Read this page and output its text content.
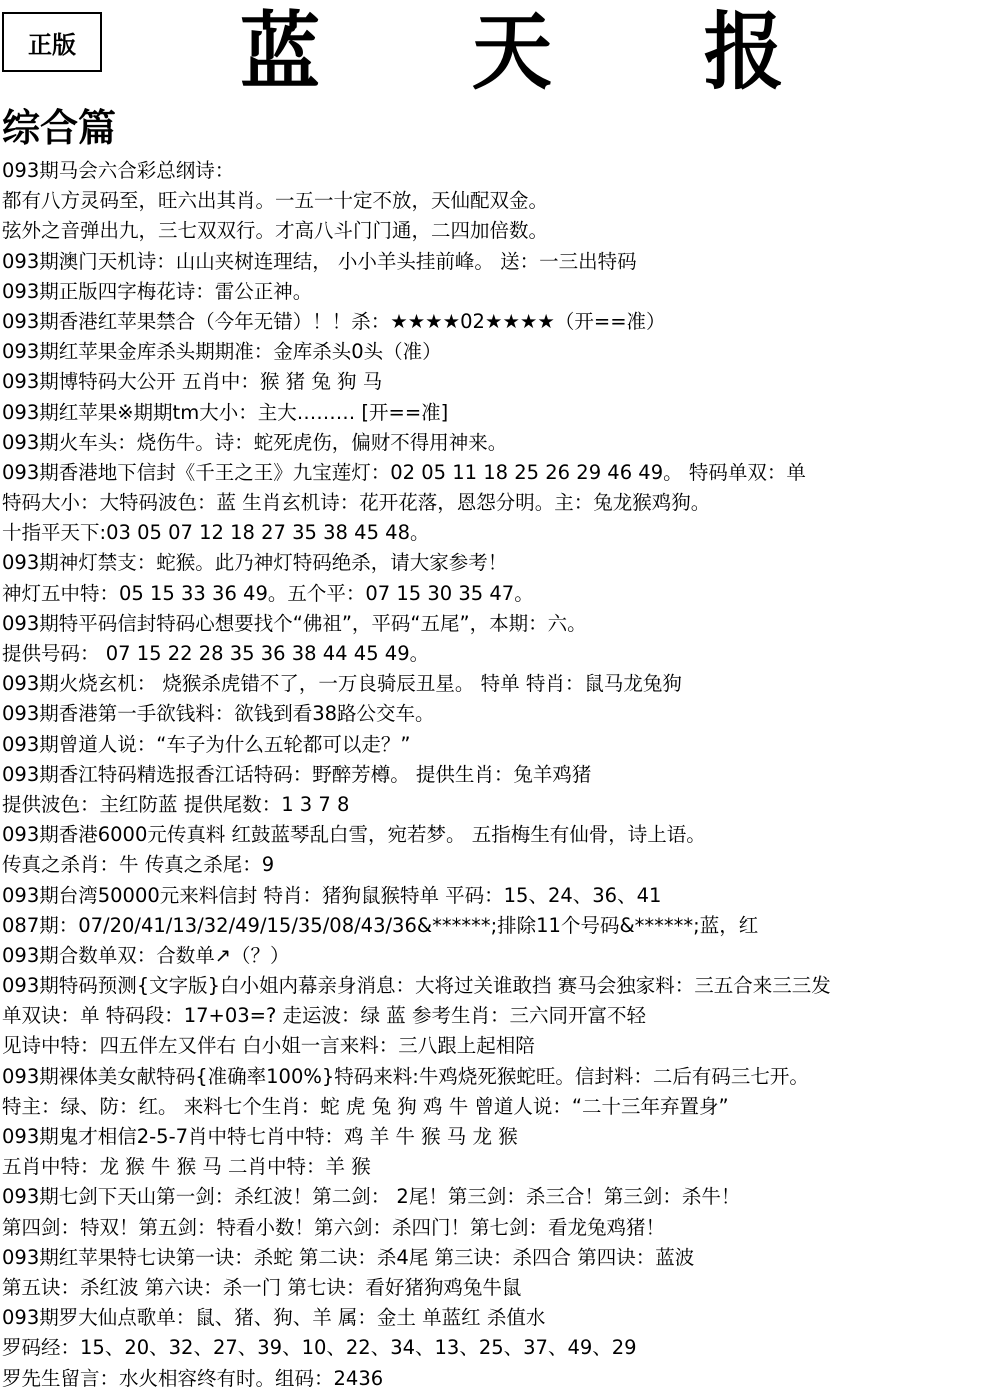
正版	蓝 天 报
综合篇
093期马会六合彩总纲诗：
都有八方灵码至，旺六出其肖。一五一十定不放，天仙配双金。
弦外之音弹出九，三七双双行。才高八斗门门通，二四加倍数。
093期澳门天机诗：山山夹树连理结， 小小羊头挂前峰。 送：一三出特码
093期正版四字梅花诗：雷公正神。
093期香港红苹果禁合（今年无错）！！杀：★★★★02★★★★（开==准）
093期红苹果金库杀头期期准：金库杀头0头（准）
093期博特码大公开 五肖中：猴 猪 兔 狗 马
093期红苹果※期期tm大小：主大……… [开==准]
093期火车头：烧伤牛。诗：蛇死虎伤，偏财不得用神来。
093期香港地下信封《千王之王》九宝莲灯：02 05 11 18 25 26 29 46 49。 特码单双：单
特码大小：大特码波色：蓝 生肖玄机诗：花开花落，恩怨分明。主：兔龙猴鸡狗。
十指平天下:03 05 07 12 18 27 35 38 45 48。
093期神灯禁支：蛇猴。此乃神灯特码绝杀，请大家参考！
神灯五中特：05 15 33 36 49。五个平：07 15 30 35 47。
093期特平码信封特码心想要找个“佛祖”，平码“五尾”，本期：六。
提供号码： 07 15 22 28 35 36 38 44 45 49。
093期火烧玄机： 烧猴杀虎错不了，一万良骑辰丑星。 特单 特肖：鼠马龙兔狗
093期香港第一手欲钱料：欲钱到看38路公交车。
093期曾道人说：“车子为什么五轮都可以走？”
093期香江特码精选报香江话特码：野醉芳樽。 提供生肖：兔羊鸡猪
提供波色：主红防蓝 提供尾数：1 3 7 8
093期香港6000元传真料 红鼓蓝琴乱白雪，宛若梦。 五指梅生有仙骨，诗上语。
传真之杀肖：牛 传真之杀尾：9
093期台湾50000元来料信封 特肖：猪狗鼠猴特单 平码：15、24、36、41
087期：07/20/41/13/32/49/15/35/08/43/36&******;排除11个号码&******;蓝，红
093期合数单双：合数单↗（？）
093期特码预测{文字版}白小姐内幕亲身消息：大将过关谁敢挡 赛马会独家料：三五合来三三发
单双诀：单 特码段：17+03=? 走运波：绿 蓝 参考生肖：三六同开富不轻
见诗中特：四五伴左又伴右 白小姐一言来料：三八跟上起相陪
093期裸体美女献特码{准确率100%}特码来料:牛鸡烧死猴蛇旺。信封料：二后有码三七开。
特主：绿、防：红。 来料七个生肖：蛇 虎 兔 狗 鸡 牛 曾道人说：“二十三年弃置身”
093期鬼才相信2-5-7肖中特七肖中特：鸡 羊 牛 猴 马 龙 猴
五肖中特：龙 猴 牛 猴 马 二肖中特：羊 猴
093期七剑下天山第一剑：杀红波！第二剑： 2尾！第三剑：杀三合！第三剑：杀牛！
第四剑：特双！第五剑：特看小数！第六剑：杀四门！第七剑：看龙兔鸡猪！
093期红苹果特七诀第一诀：杀蛇 第二诀：杀4尾 第三诀：杀四合 第四诀：蓝波
第五诀：杀红波 第六诀：杀一门 第七诀：看好猪狗鸡兔牛鼠
093期罗大仙点歌单：鼠、猪、狗、羊 属：金土 单蓝红 杀值水
罗码经：15、20、32、27、39、10、22、34、13、25、37、49、29
罗先生留言：水火相容终有时。组码：2436
